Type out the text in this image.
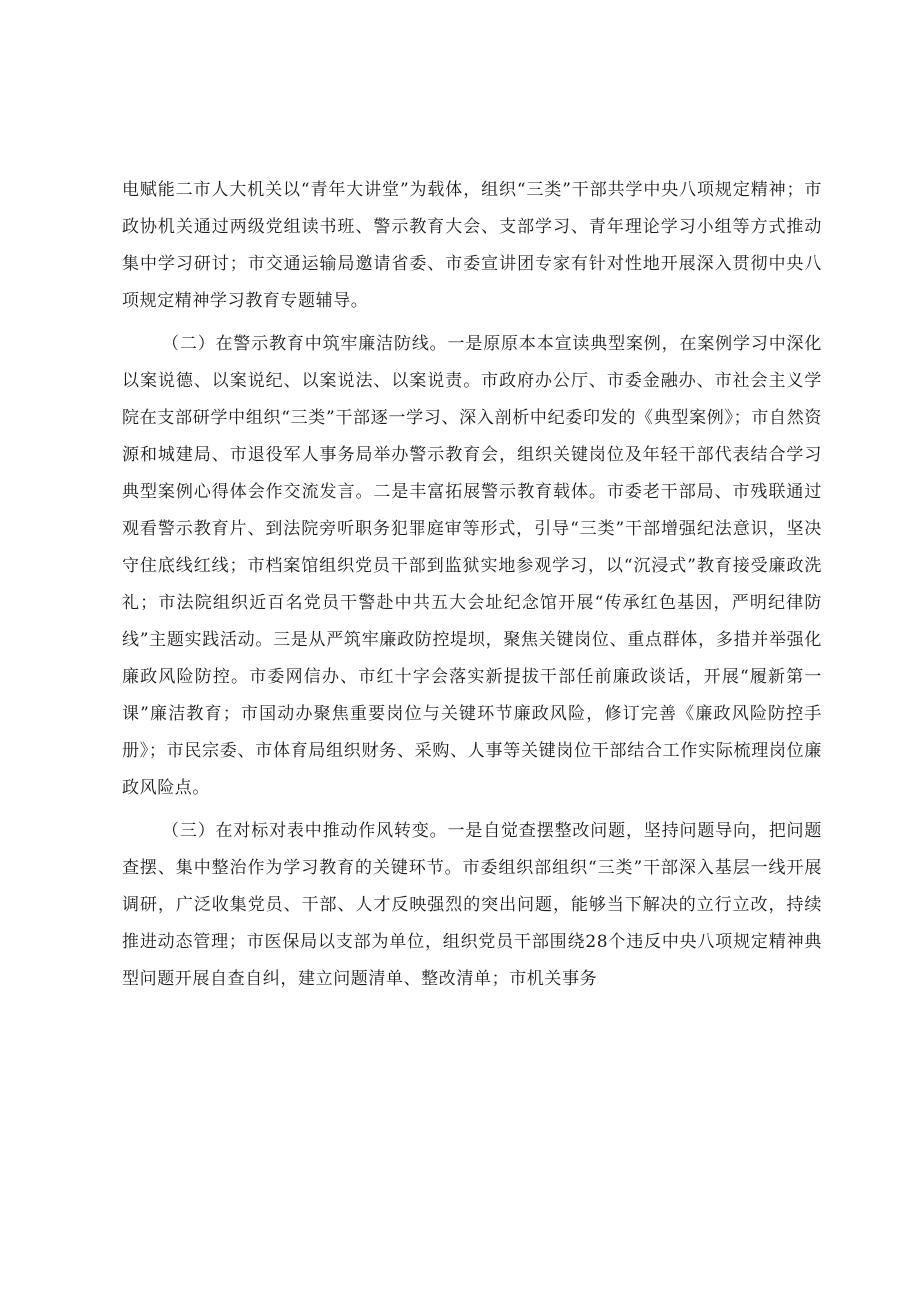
电赋能二市人大机关以“青年大讲堂”为载体，组织“三类”干部共学中央八项规定精神；市政协机关通过两级党组读书班、警示教育大会、支部学习、青年理论学习小组等方式推动集中学习研讨；市交通运输局邀请省委、市委宣讲团专家有针对性地开展深入贯彻中央八项规定精神学习教育专题辅导。

（二）在警示教育中筑牢廉洁防线。一是原原本本宣读典型案例，在案例学习中深化以案说德、以案说纪、以案说法、以案说责。市政府办公厅、市委金融办、市社会主义学院在支部研学中组织“三类”干部逐一学习、深入剖析中纪委印发的《典型案例》；市自然资源和城建局、市退役军人事务局举办警示教育会，组织关键岗位及年轻干部代表结合学习典型案例心得体会作交流发言。二是丰富拓展警示教育载体。市委老干部局、市残联通过观看警示教育片、到法院旁听职务犯罪庭审等形式，引导“三类”干部增强纪法意识，坚决守住底线红线；市档案馆组织党员干部到监狱实地参观学习，以“沉浸式”教育接受廉政洗礼；市法院组织近百名党员干警赴中共五大会址纪念馆开展“传承红色基因，严明纪律防线”主题实践活动。三是从严筑牢廉政防控堤坝，聚焦关键岗位、重点群体，多措并举强化廉政风险防控。市委网信办、市红十字会落实新提拔干部任前廉政谈话，开展“履新第一课”廉洁教育；市国动办聚焦重要岗位与关键环节廉政风险，修订完善《廉政风险防控手册》；市民宗委、市体育局组织财务、采购、人事等关键岗位干部结合工作实际梳理岗位廉政风险点。

（三）在对标对表中推动作风转变。一是自觉查摆整改问题，坚持问题导向，把问题查摆、集中整治作为学习教育的关键环节。市委组织部组织“三类”干部深入基层一线开展调研，广泛收集党员、干部、人才反映强烈的突出问题，能够当下解决的立行立改，持续推进动态管理；市医保局以支部为单位，组织党员干部围绕28个违反中央八项规定精神典型问题开展自查自纠，建立问题清单、整改清单；市机关事务
